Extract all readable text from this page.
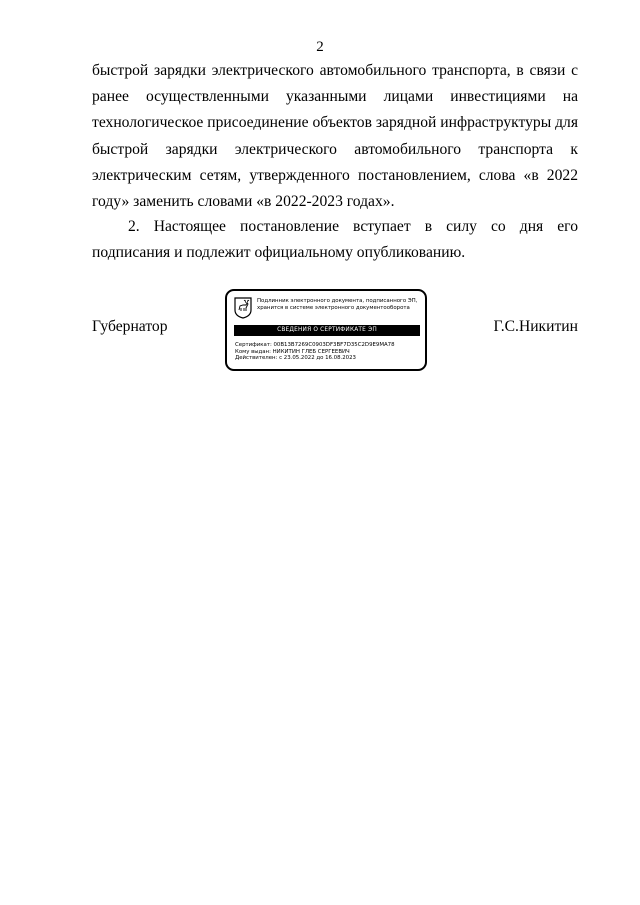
2

быстрой зарядки электрического автомобильного транспорта, в связи с ранее осуществленными указанными лицами инвестициями на технологическое присоединение объектов зарядной инфраструктуры для быстрой зарядки электрического автомобильного транспорта к электрическим сетям, утвержденного постановлением, слова «в 2022 году» заменить словами «в 2022-2023 годах».

2. Настоящее постановление вступает в силу со дня его подписания и подлежит официальному опубликованию.

Губернатор	Г.С.Никитин
Подлинник электронного документа, подписанного ЭП,
хранится в системе электронного документооборота
СВЕДЕНИЯ О СЕРТИФИКАТЕ ЭП
Сертификат: 00B13B7269C0903DF3BF7D35C2D9E9MA78
Кому выдан: НИКИТИН ГЛЕБ СЕРГЕЕВИЧ
Действителен: с 23.05.2022 до 16.08.2023
